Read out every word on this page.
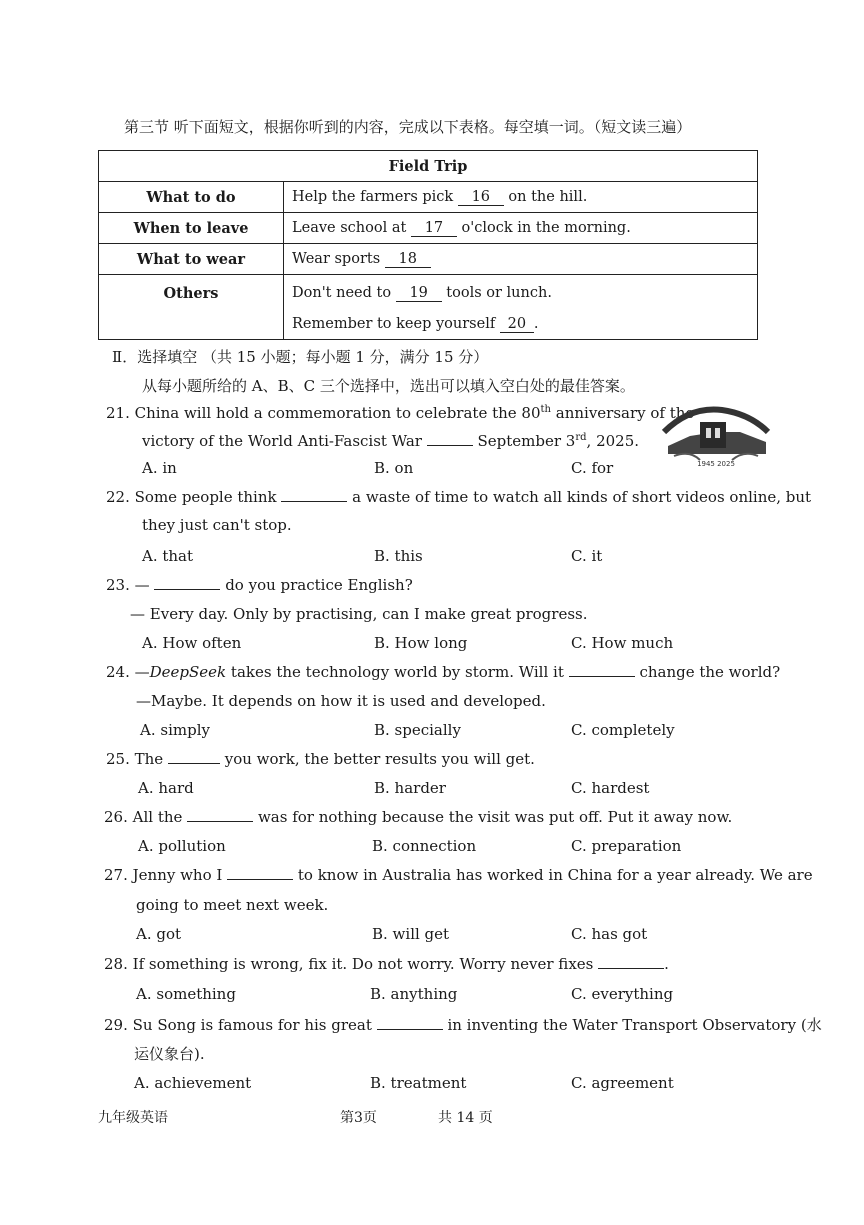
第三节 听下面短文，根据你听到的内容，完成以下表格。每空填一词。（短文读三遍）
Field Trip	
What to do	Help the farmers pick 16 on the hill.
When to leave	Leave school at 17 o'clock in the morning.
What to wear	Wear sports 18
Others	Don't need to 19 tools or lunch.
Remember to keep yourself 20 .
Ⅱ．选择填空 （共 15 小题；每小题 1 分，满分 15 分）
从每小题所给的 A、B、C 三个选择中，选出可以填入空白处的最佳答案。
21. China will hold a commemoration to celebrate the 80th anniversary of the
victory of the World Anti-Fascist War	September 3rd, 2025.
A. in	B. on	C. for	1945 2025
22. Some people think	a waste of time to watch all kinds of short videos online, but
they just can't stop.
A. that	B. this	C. it
23. —	do you practice English?
— Every day. Only by practising, can I make great progress.
A. How often	B. How long	C. How much
24. —DeepSeek takes the technology world by storm. Will it	change the world?
—Maybe. It depends on how it is used and developed.
A. simply	B. specially	C. completely
25. The	you work, the better results you will get.
A. hard	B. harder	C. hardest
26. All the	was for nothing because the visit was put off. Put it away now.
A. pollution	B. connection	C. preparation
27. Jenny who I	to know in Australia has worked in China for a year already. We are
going to meet next week.
A. got	B. will get	C. has got
28. If something is wrong, fix it. Do not worry. Worry never fixes	.
A. something	B. anything	C. everything
29. Su Song is famous for his great	in inventing the Water Transport Observatory (水
运仪象台).
A. achievement	B. treatment	C. agreement
九年级英语	第3页	共 14 页
